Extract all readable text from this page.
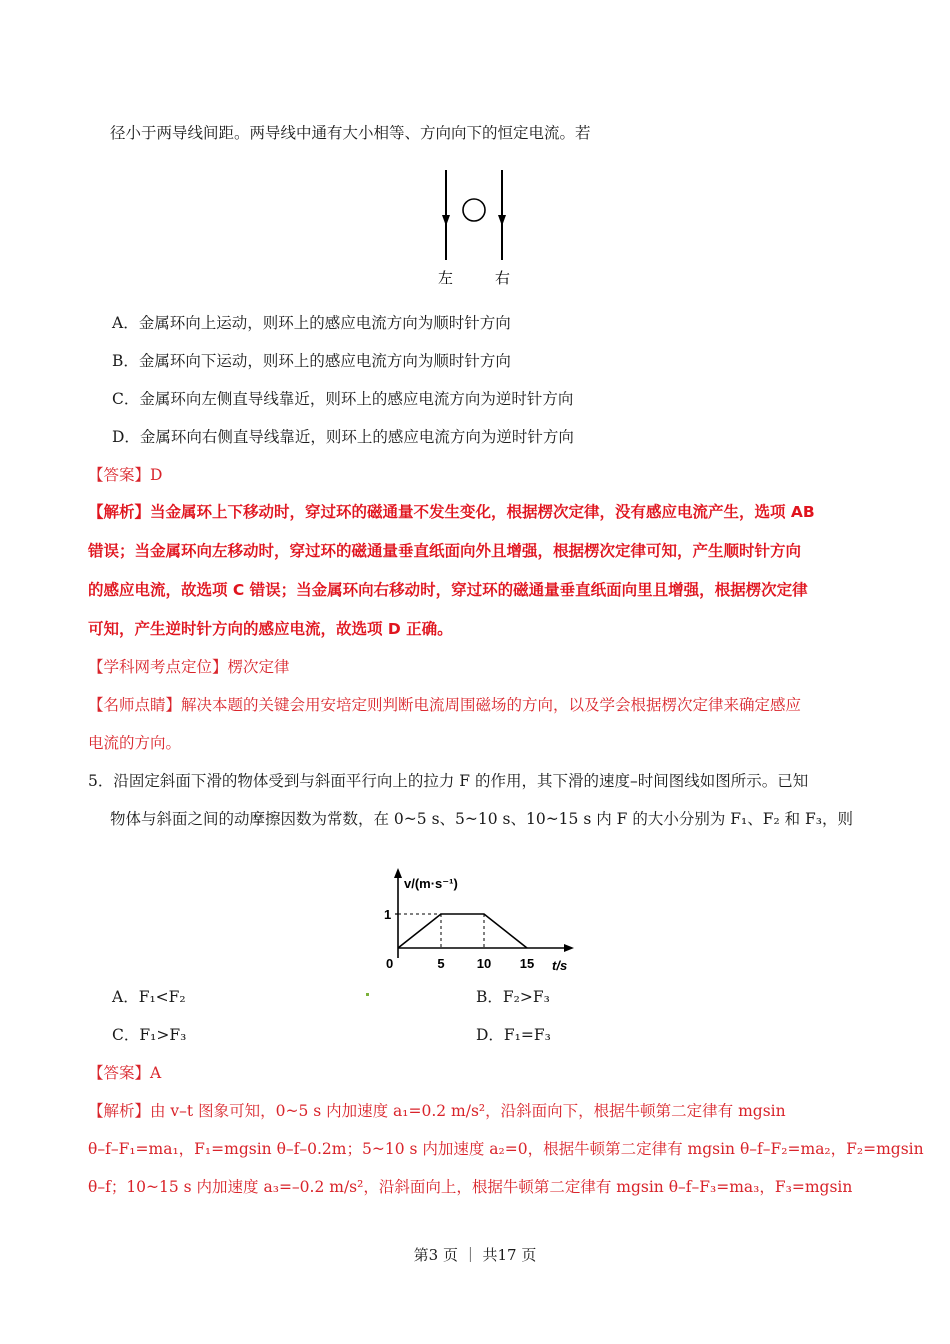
径小于两导线间距。两导线中通有大小相等、方向向下的恒定电流。若
左	右
A．金属环向上运动，则环上的感应电流方向为顺时针方向
B．金属环向下运动，则环上的感应电流方向为顺时针方向
C．金属环向左侧直导线靠近，则环上的感应电流方向为逆时针方向
D．金属环向右侧直导线靠近，则环上的感应电流方向为逆时针方向
【答案】D
【解析】当金属环上下移动时，穿过环的磁通量不发生变化，根据楞次定律，没有感应电流产生，选项 AB
错误；当金属环向左移动时，穿过环的磁通量垂直纸面向外且增强，根据楞次定律可知，产生顺时针方向
的感应电流，故选项 C 错误；当金属环向右移动时，穿过环的磁通量垂直纸面向里且增强，根据楞次定律
可知，产生逆时针方向的感应电流，故选项 D 正确。
【学科网考点定位】楞次定律
【名师点睛】解决本题的关键会用安培定则判断电流周围磁场的方向，以及学会根据楞次定律来确定感应
电流的方向。
5．沿固定斜面下滑的物体受到与斜面平行向上的拉力 F 的作用，其下滑的速度–时间图线如图所示。已知
物体与斜面之间的动摩擦因数为常数，在 0~5 s、5~10 s、10~15 s 内 F 的大小分别为 F₁、F₂ 和 F₃，则
0	5 10 15
1
v/(m·s⁻¹)
t/s
A．F₁<F₂	B．F₂>F₃
C．F₁>F₃	D．F₁=F₃
【答案】A
【解析】由 v–t 图象可知，0~5 s 内加速度 a₁=0.2 m/s²，沿斜面向下，根据牛顿第二定律有 mgsin
θ–f–F₁=ma₁，F₁=mgsin θ–f–0.2m；5~10 s 内加速度 a₂=0，根据牛顿第二定律有 mgsin θ–f–F₂=ma₂，F₂=mgsin
θ–f；10~15 s 内加速度 a₃=–0.2 m/s²，沿斜面向上，根据牛顿第二定律有 mgsin θ–f–F₃=ma₃，F₃=mgsin
第3 页 ｜ 共17 页
